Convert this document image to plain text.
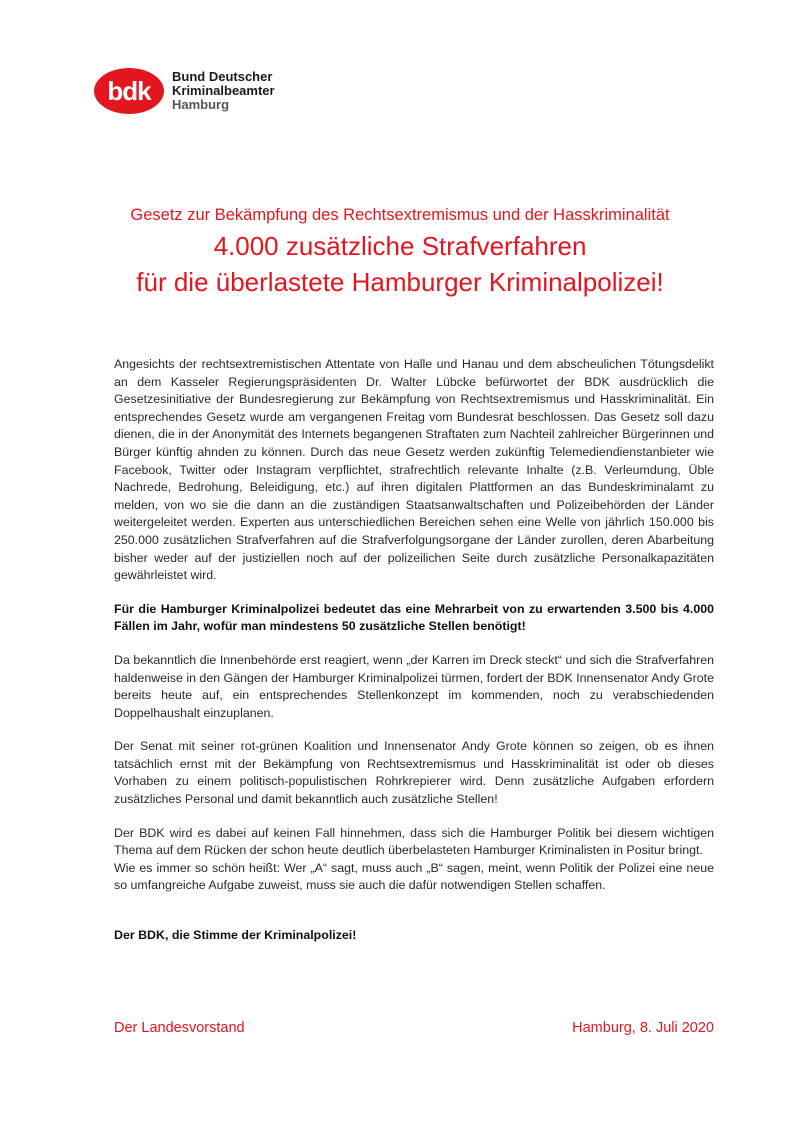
bdk	Bund Deutscher
Kriminalbeamter
Hamburg
Gesetz zur Bekämpfung des Rechtsextremismus und der Hasskriminalität
4.000 zusätzliche Strafverfahren
für die überlastete Hamburger Kriminalpolizei!

Angesichts der rechtsextremistischen Attentate von Halle und Hanau und dem abscheulichen Tötungsdelikt an dem Kasseler Regierungspräsidenten Dr. Walter Lübcke befürwortet der BDK ausdrücklich die Gesetzesinitiative der Bundesregierung zur Bekämpfung von Rechtsextremismus und Hasskriminalität. Ein entsprechendes Gesetz wurde am vergangenen Freitag vom Bundesrat beschlossen. Das Gesetz soll dazu dienen, die in der Anonymität des Internets begangenen Straftaten zum Nachteil zahlreicher Bürgerinnen und Bürger künftig ahnden zu können. Durch das neue Gesetz werden zukünftig Telemediendienstanbieter wie Facebook, Twitter oder Instagram verpflichtet, strafrechtlich relevante Inhalte (z.B. Verleumdung, Üble Nachrede, Bedrohung, Beleidigung, etc.) auf ihren digitalen Plattformen an das Bundeskriminalamt zu melden, von wo sie die dann an die zuständigen Staatsanwaltschaften und Polizeibehörden der Länder weitergeleitet werden. Experten aus unterschiedlichen Bereichen sehen eine Welle von jährlich 150.000 bis 250.000 zusätzlichen Strafverfahren auf die Strafverfolgungsorgane der Länder zurollen, deren Abarbeitung bisher weder auf der justiziellen noch auf der polizeilichen Seite durch zusätzliche Personalkapazitäten gewährleistet wird.

Für die Hamburger Kriminalpolizei bedeutet das eine Mehrarbeit von zu erwartenden 3.500 bis 4.000 Fällen im Jahr, wofür man mindestens 50 zusätzliche Stellen benötigt!

Da bekanntlich die Innenbehörde erst reagiert, wenn „der Karren im Dreck steckt“ und sich die Strafverfahren haldenweise in den Gängen der Hamburger Kriminalpolizei türmen, fordert der BDK Innensenator Andy Grote bereits heute auf, ein entsprechendes Stellenkonzept im kommenden, noch zu verabschiedenden Doppelhaushalt einzuplanen.

Der Senat mit seiner rot-grünen Koalition und Innensenator Andy Grote können so zeigen, ob es ihnen tatsächlich ernst mit der Bekämpfung von Rechtsextremismus und Hasskriminalität ist oder ob dieses Vorhaben zu einem politisch-populistischen Rohrkrepierer wird. Denn zusätzliche Aufgaben erfordern zusätzliches Personal und damit bekanntlich auch zusätzliche Stellen!

Der BDK wird es dabei auf keinen Fall hinnehmen, dass sich die Hamburger Politik bei diesem wichtigen Thema auf dem Rücken der schon heute deutlich überbelasteten Hamburger Kriminalisten in Positur bringt.

Wie es immer so schön heißt: Wer „A“ sagt, muss auch „B“ sagen, meint, wenn Politik der Polizei eine neue so umfangreiche Aufgabe zuweist, muss sie auch die dafür notwendigen Stellen schaffen.

Der BDK, die Stimme der Kriminalpolizei!

Der Landesvorstand	Hamburg, 8. Juli 2020
